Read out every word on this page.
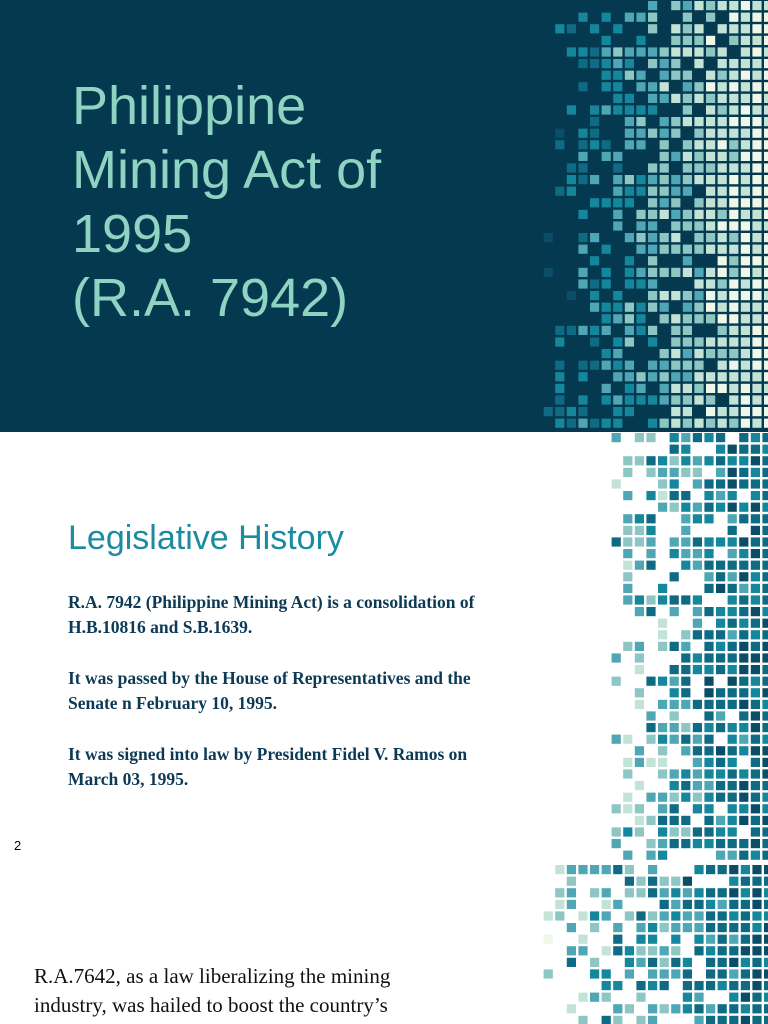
Philippine
Mining Act of
1995
(R.A. 7942)
Legislative History

R.A. 7942 (Philippine Mining Act) is a consolidation of
H.B.10816 and S.B.1639.

It was passed by the House of Representatives and the
Senate n February 10, 1995.

It was signed into law by President Fidel V. Ramos on
March 03, 1995.

2

R.A.7642, as a law liberalizing the mining
industry, was hailed to boost the country’s
